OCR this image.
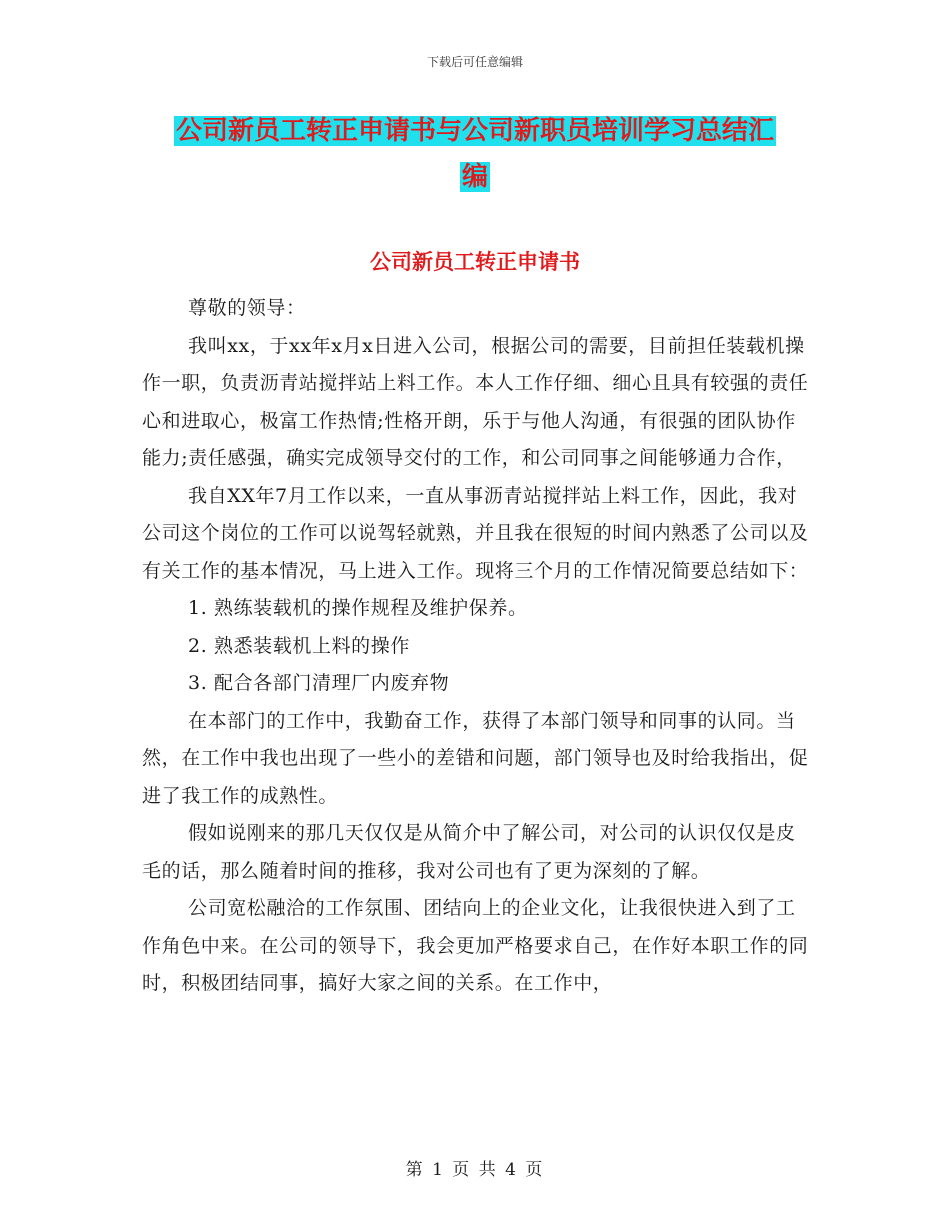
下载后可任意编辑
公司新员工转正申请书与公司新职员培训学习总结汇
编
公司新员工转正申请书

尊敬的领导：

我叫xx，于xx年x月x日进入公司，根据公司的需要，目前担任装载机操作一职，负责沥青站搅拌站上料工作。本人工作仔细、细心且具有较强的责任心和进取心，极富工作热情;性格开朗，乐于与他人沟通，有很强的团队协作能力;责任感强，确实完成领导交付的工作，和公司同事之间能够通力合作，

我自XX年7月工作以来，一直从事沥青站搅拌站上料工作，因此，我对公司这个岗位的工作可以说驾轻就熟，并且我在很短的时间内熟悉了公司以及有关工作的基本情况，马上进入工作。现将三个月的工作情况简要总结如下：

1. 熟练装载机的操作规程及维护保养。

2. 熟悉装载机上料的操作

3. 配合各部门清理厂内废弃物

在本部门的工作中，我勤奋工作，获得了本部门领导和同事的认同。当然，在工作中我也出现了一些小的差错和问题，部门领导也及时给我指出，促进了我工作的成熟性。

假如说刚来的那几天仅仅是从简介中了解公司，对公司的认识仅仅是皮毛的话，那么随着时间的推移，我对公司也有了更为深刻的了解。

公司宽松融洽的工作氛围、团结向上的企业文化，让我很快进入到了工作角色中来。在公司的领导下，我会更加严格要求自己，在作好本职工作的同时，积极团结同事，搞好大家之间的关系。在工作中，

第 1 页 共 4 页
